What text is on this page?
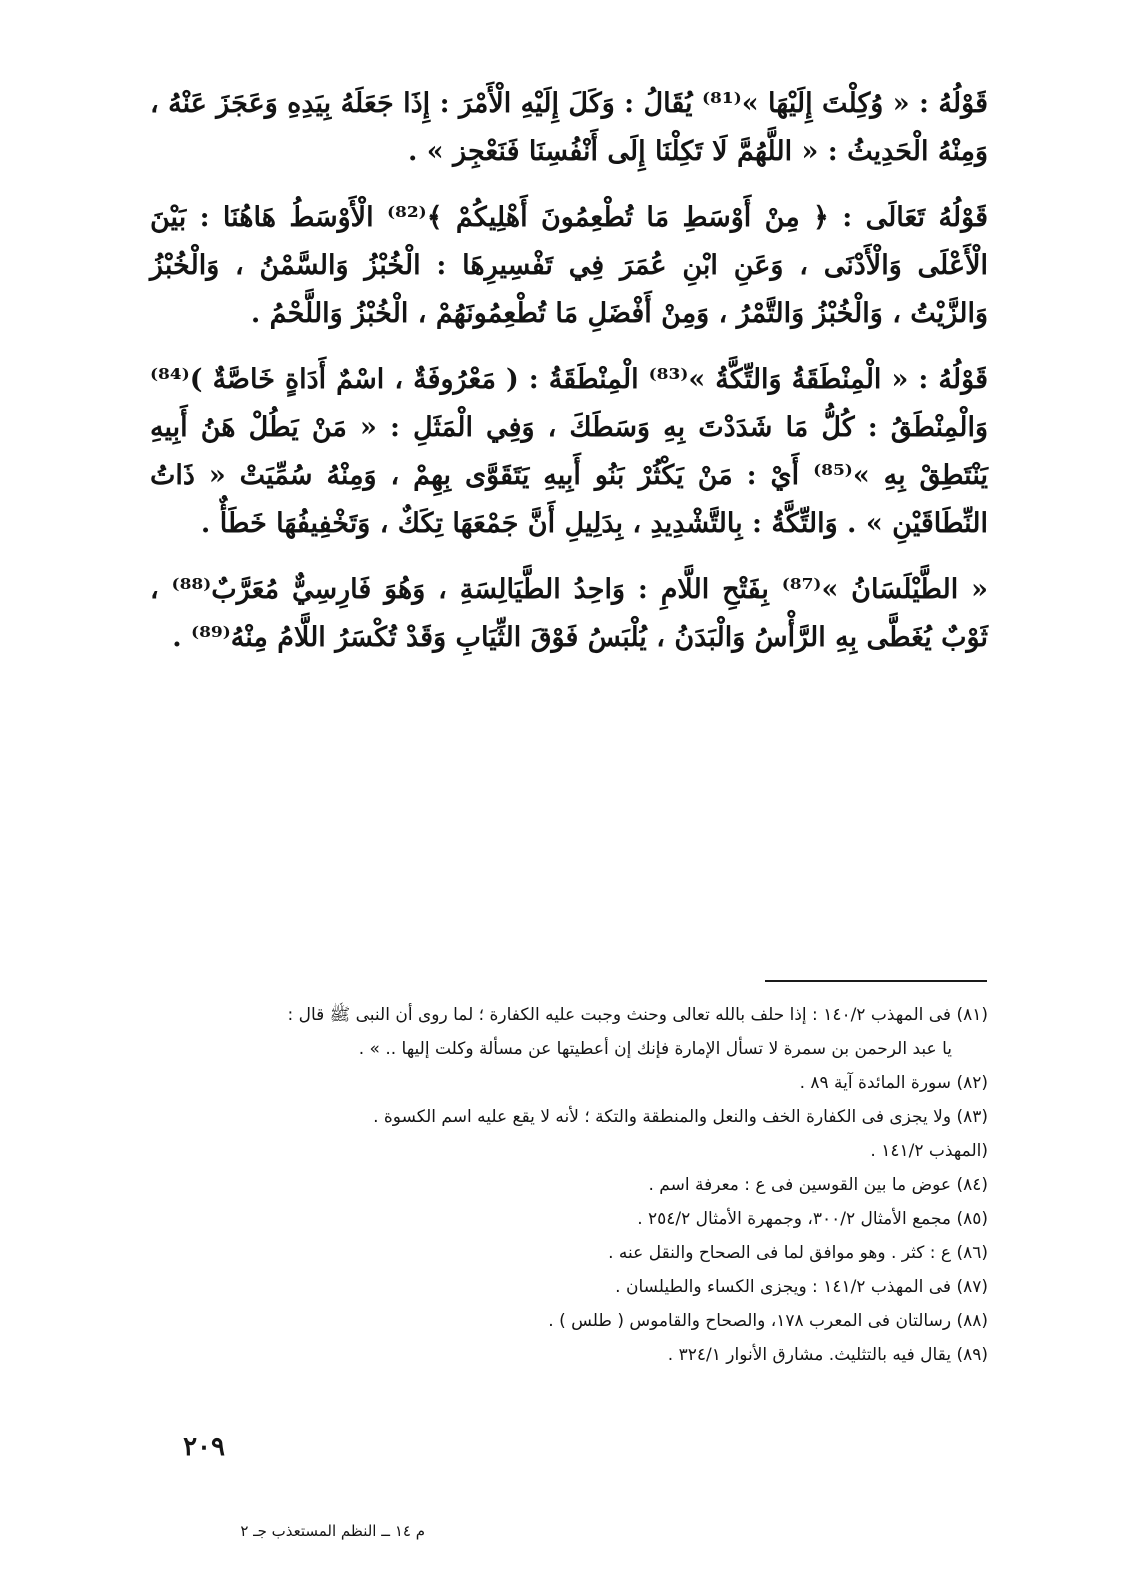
قَوْلُهُ : « وُكِلْتَ إِلَيْهَا »⁽⁸¹⁾ يُقَالُ : وَكَلَ إِلَيْهِ الْأَمْرَ : إِذَا جَعَلَهُ بِيَدِهِ وَعَجَزَ عَنْهُ ، وَمِنْهُ الْحَدِيثُ : « اللَّهُمَّ لَا تَكِلْنَا إِلَى أَنْفُسِنَا فَنَعْجِز » .

قَوْلُهُ تَعَالَى : ﴿ مِنْ أَوْسَطِ مَا تُطْعِمُونَ أَهْلِيكُمْ ﴾⁽⁸²⁾ الْأَوْسَطُ هَاهُنَا : بَيْنَ الْأَعْلَى وَالْأَدْنَى ، وَعَنِ ابْنِ عُمَرَ فِي تَفْسِيرِهَا : الْخُبْزُ وَالسَّمْنُ ، وَالْخُبْزُ وَالزَّيْتُ ، وَالْخُبْزُ وَالتَّمْرُ ، وَمِنْ أَفْضَلِ مَا تُطْعِمُونَهُمْ ، الْخُبْزُ وَاللَّحْمُ .

قَوْلُهُ : « الْمِنْطَقَةُ وَالتِّكَّةُ »⁽⁸³⁾ الْمِنْطَقَةُ : ( مَعْرُوفَةٌ ، اسْمٌ أَدَاةٍ خَاصَّةٌ )⁽⁸⁴⁾ وَالْمِنْطَقُ : كُلُّ مَا شَدَدْتَ بِهِ وَسَطَكَ ، وَفِي الْمَثَلِ : « مَنْ يَطُلْ هَنُ أَبِيهِ يَنْتَطِقْ بِهِ »⁽⁸⁵⁾ أَيْ : مَنْ يَكْثُرْ بَنُو أَبِيهِ يَتَقَوَّى بِهِمْ ، وَمِنْهُ سُمِّيَتْ « ذَاتُ النِّطَاقَيْنِ » . وَالتِّكَّةُ : بِالتَّشْدِيدِ ، بِدَلِيلِ أَنَّ جَمْعَهَا تِكَكٌ ، وَتَخْفِيفُهَا خَطَأٌ .

« الطَّيْلَسَانُ »⁽⁸⁷⁾ بِفَتْحِ اللَّامِ : وَاحِدُ الطَّيَالِسَةِ ، وَهُوَ فَارِسِيٌّ مُعَرَّبٌ⁽⁸⁸⁾ ، ثَوْبٌ يُغَطَّى بِهِ الرَّأْسُ وَالْبَدَنُ ، يُلْبَسُ فَوْقَ الثِّيَابِ وَقَدْ تُكْسَرُ اللَّامُ مِنْهُ⁽⁸⁹⁾ .

(٨١) فى المهذب ١٤٠/٢ : إذا حلف بالله تعالى وحنث وجبت عليه الكفارة ؛ لما روى أن النبى ﷺ قال :
يا عبد الرحمن بن سمرة لا تسأل الإمارة فإنك إن أعطيتها عن مسألة وكلت إليها .. » .

(٨٢) سورة المائدة آية ٨٩ .

(٨٣) ولا يجزى فى الكفارة الخف والنعل والمنطقة والتكة ؛ لأنه لا يقع عليه اسم الكسوة .

(المهذب ١٤١/٢ .

(٨٤) عوض ما بين القوسين فى ع : معرفة اسم .

(٨٥) مجمع الأمثال ٣٠٠/٢، وجمهرة الأمثال ٢٥٤/٢ .

(٨٦) ع : كثر . وهو موافق لما فى الصحاح والنقل عنه .

(٨٧) فى المهذب ١٤١/٢ : ويجزى الكساء والطيلسان .

(٨٨) رسالتان فى المعرب ١٧٨، والصحاح والقاموس ( طلس ) .

(٨٩) يقال فيه بالتثليث. مشارق الأنوار ٣٢٤/١ .

٢٠٩
م ١٤ ــ النظم المستعذب جـ ٢
